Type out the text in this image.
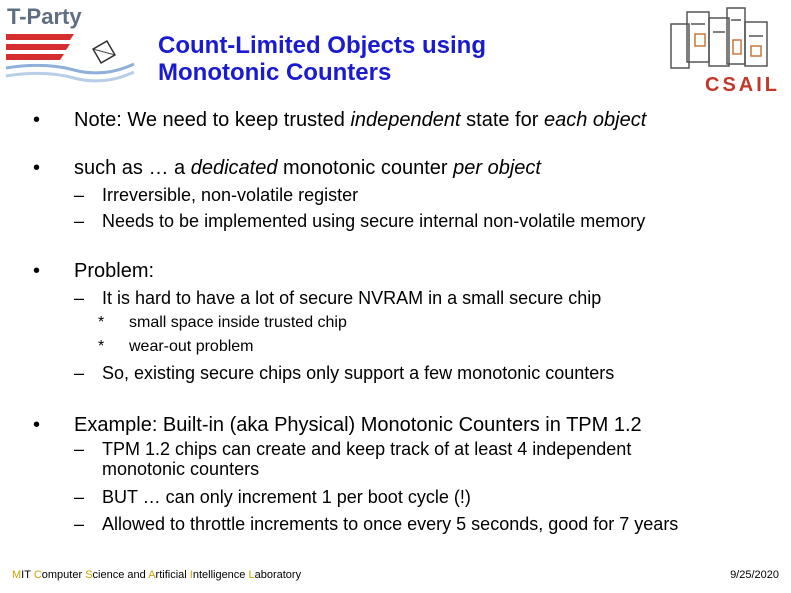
T-Party
Count-Limited Objects using
Monotonic Counters	CSAIL
• Note: We need to keep trusted independent state for each object
• such as … a dedicated monotonic counter per object
– Irreversible, non-volatile register
– Needs to be implemented using secure internal non-volatile memory
• Problem:
– It is hard to have a lot of secure NVRAM in a small secure chip
* small space inside trusted chip
* wear-out problem
– So, existing secure chips only support a few monotonic counters
• Example: Built-in (aka Physical) Monotonic Counters in TPM 1.2
– TPM 1.2 chips can create and keep track of at least 4 independent
monotonic counters
– BUT … can only increment 1 per boot cycle (!)
– Allowed to throttle increments to once every 5 seconds, good for 7 years
MIT Computer Science and Artificial Intelligence Laboratory	9/25/2020
